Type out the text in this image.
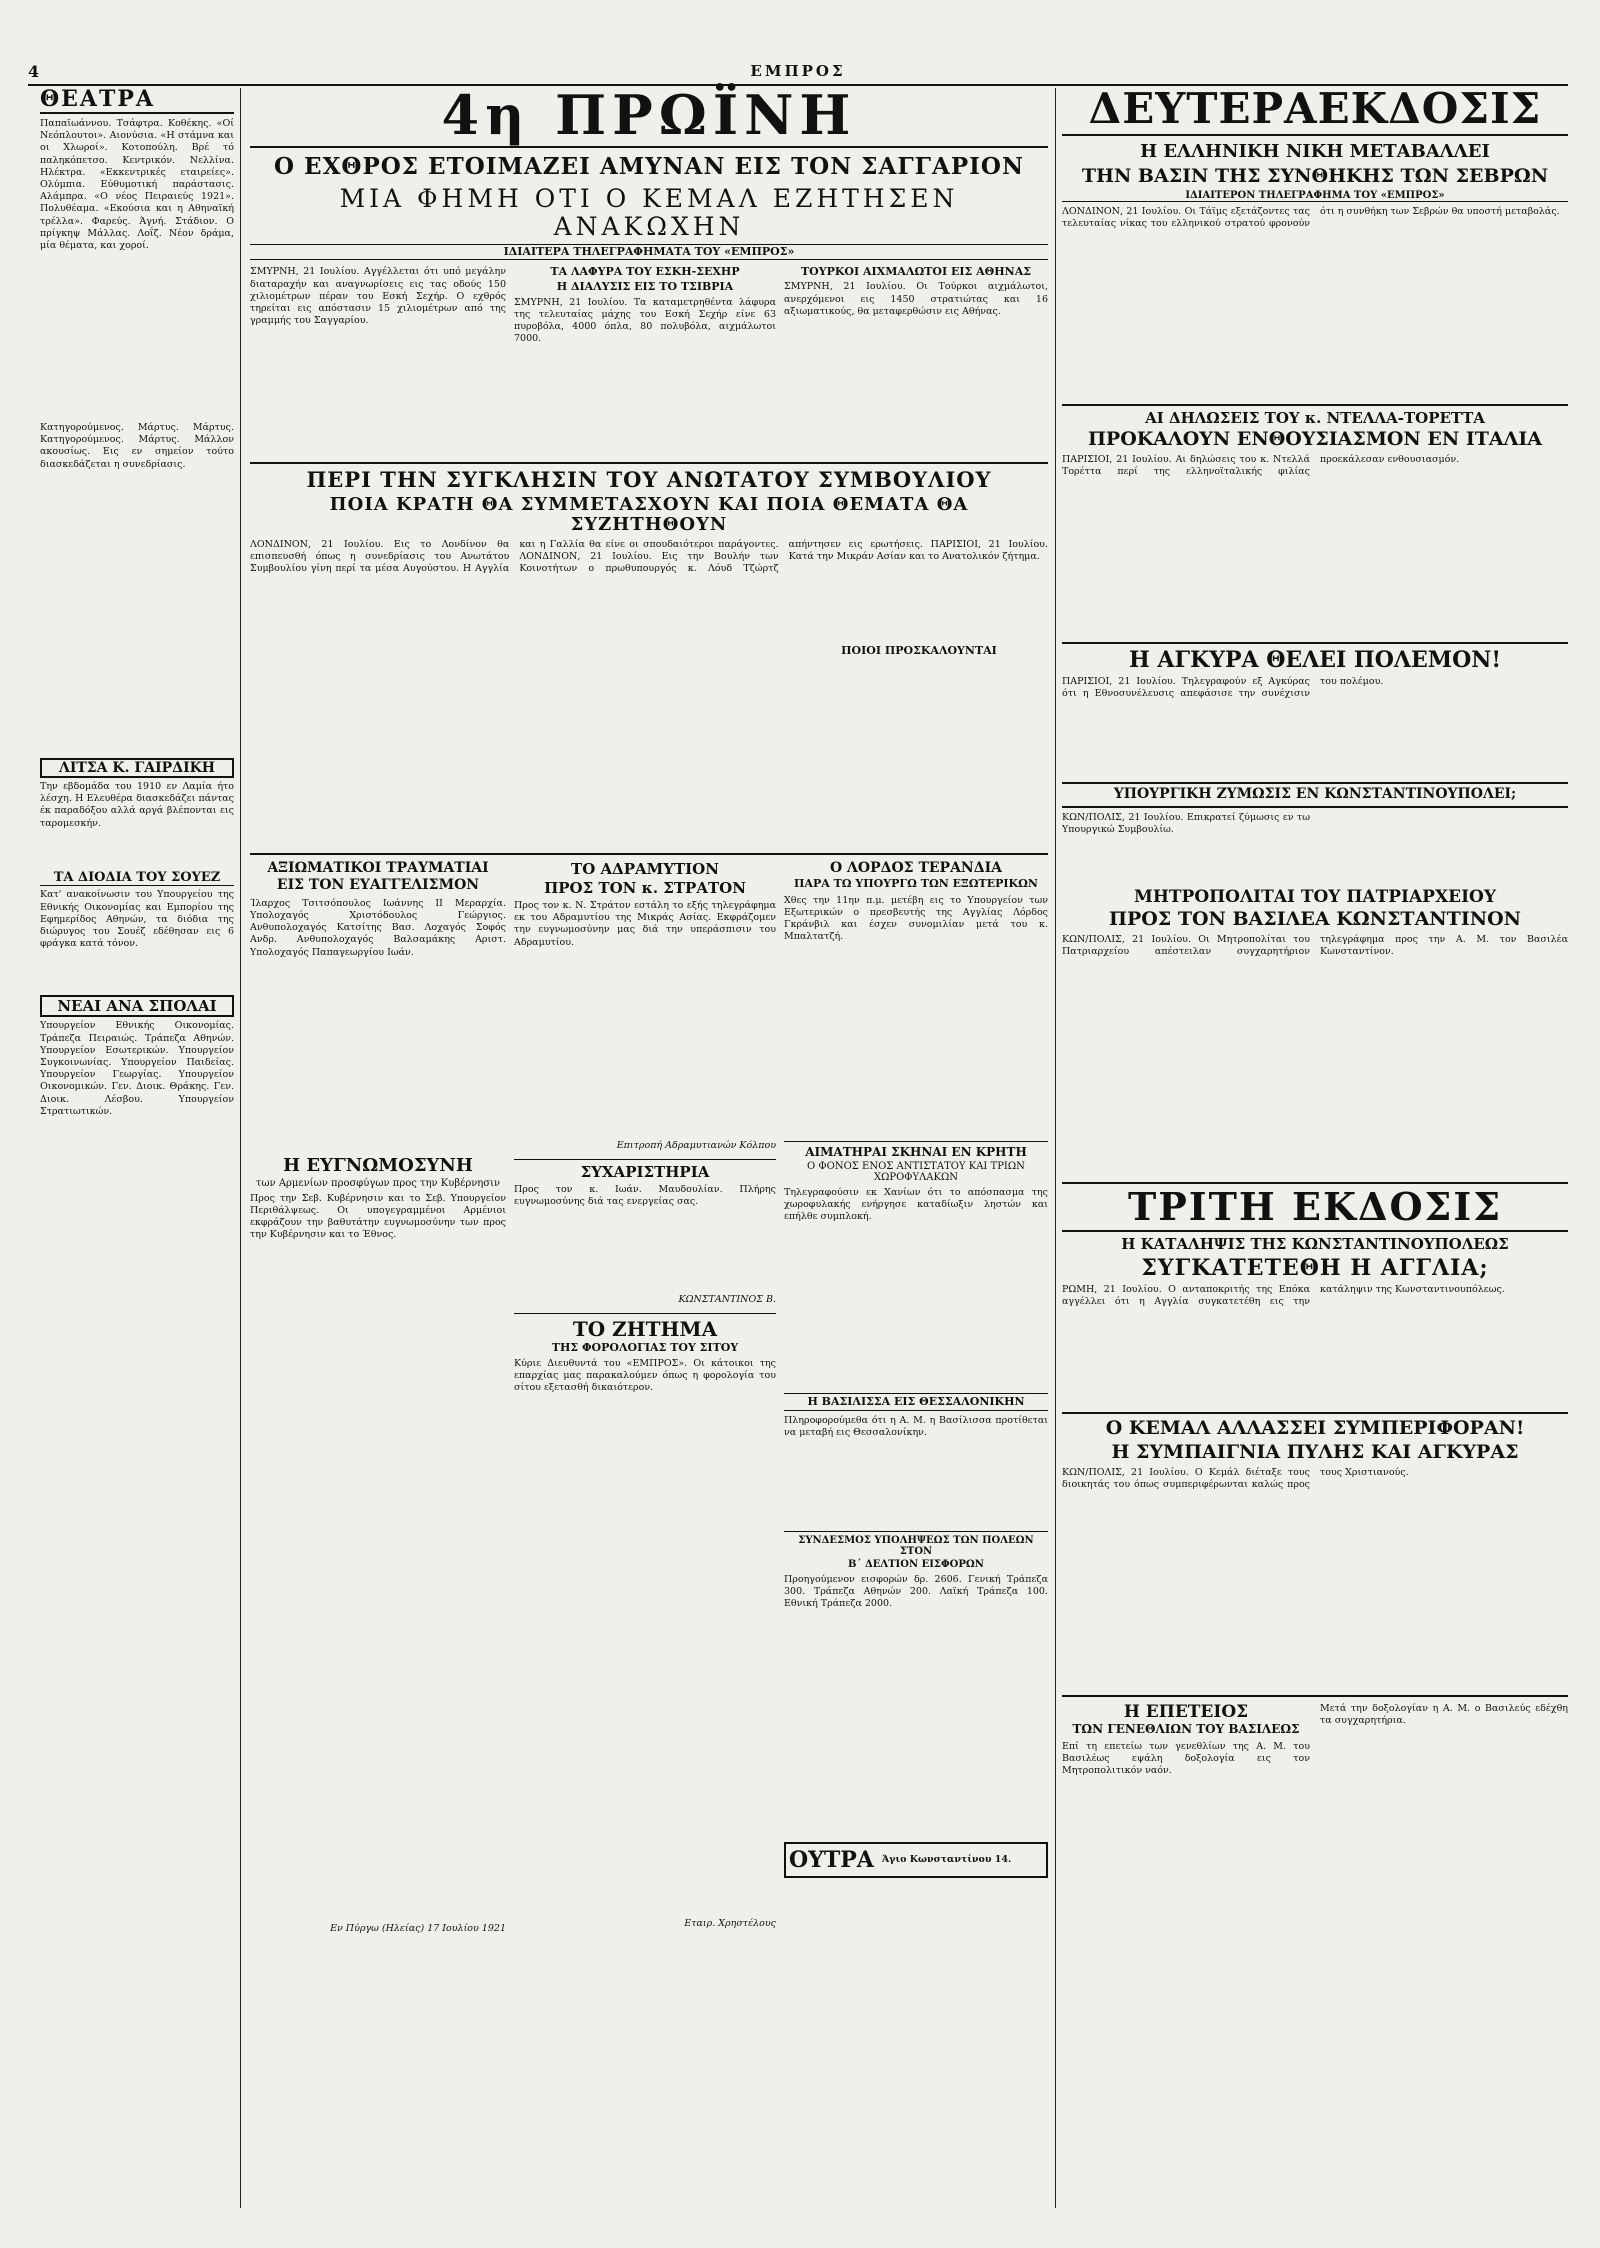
4	ΕΜΠΡΟΣ
ΘΕΑΤΡΑ
Παπαϊωάννου. Τσάφτρα. Κοθέκης. «Οί Νεόπλουτοι». Αιονύσια. «Η στάμνα και οι Χλωροί». Κοτοπούλη. Βρέ τό παληκόπετσο. Κεντρικόν. Νελλίνα. Ηλέκτρα. «Εκκεντρικές εταιρείες». Ολύμπια. Εύθυμοτική παράστασις. Αλάμπρα. «Ο νέος Πειραιεύς 1921». Πολυθέαμα. «Εκούσια και η Αθηναϊκή τρέλλα». Φαρεύς. Άγνή. Στάδιον. Ο πρίγκηψ Μάλλας. Λοΐζ. Νέον δράμα, μία θέματα, και χοροί.
Κατηγορούμενος. Μάρτυς. Μάρτυς. Κατηγορούμενος. Μάρτυς. Μάλλον ακουσίως. Εις εν σημείον τούτο διασκεδάζεται η συνεδρίασις.
ΛΙΤΣΑ Κ. ΓΑΙΡΔΙΚΗ
Την εβδομάδα του 1910 εν Λαμία ήτο λέσχη. Η Ελευθέρα διασκεδάζει πάντας έκ παραδόξου αλλά αργά βλέπονται εις ταρομεσκήν.
ΤΑ ΔΙΟΔΙΑ ΤΟΥ ΣΟΥΕΖ
Κατ' ανακοίνωσιν του Υπουργείου της Εθνικής Οικονομίας και Εμπορίου της Εφημερίδος Αθηνών, τα διόδια της διώρυγος του Σουέζ εδέθησαν εις 6 φράγκα κατά τόνον.
ΝΕΑΙ ΑΝΑ ΣΠΟΛΑΙ
Υπουργείον Εθνικής Οικονομίας. Τράπεζα Πειραιώς. Τράπεζα Αθηνών. Υπουργείον Εσωτερικών. Υπουργείον Συγκοινωνίας. Υπουργείον Παιδείας. Υπουργείον Γεωργίας. Υπουργείον Οικονομικών. Γεν. Διοικ. Θράκης. Γεν. Διοικ. Λέσβου. Υπουργείον Στρατιωτικών.
4η ΠΡΩΪΝΗ
Ο ΕΧΘΡΟΣ ΕΤΟΙΜΑΖΕΙ ΑΜΥΝΑΝ ΕΙΣ ΤΟΝ ΣΑΓΓΑΡΙΟΝ
ΜΙΑ ΦΗΜΗ ΟΤΙ Ο ΚΕΜΑΛ ΕΖΗΤΗΣΕΝ ΑΝΑΚΩΧΗΝ
ΙΔΙΑΙΤΕΡΑ ΤΗΛΕΓΡΑΦΗΜΑΤΑ ΤΟΥ «ΕΜΠΡΟΣ»
ΣΜΥΡΝΗ, 21 Ιουλίου. Αγγέλλεται ότι υπό μεγάλην διαταραχήν και αναγνωρίσεις εις τας οδούς 150 χιλιομέτρων πέραν του Εσκή Σεχήρ. Ο εχθρός τηρείται εις απόστασιν 15 χιλιομέτρων από της γραμμής του Σαγγαρίου.
ΤΑ ΛΑΦΥΡΑ ΤΟΥ ΕΣΚΗ-ΣΕΧΗΡ
Η ΔΙΑΛΥΣΙΣ ΕΙΣ ΤΟ ΤΣΙΒΡΙΑ
ΣΜΥΡΝΗ, 21 Ιουλίου. Τα καταμετρηθέντα λάφυρα της τελευταίας μάχης του Εσκή Σεχήρ είνε 63 πυροβόλα, 4000 όπλα, 80 πολυβόλα, αιχμάλωτοι 7000.
ΤΟΥΡΚΟΙ ΑΙΧΜΑΛΩΤΟΙ ΕΙΣ ΑΘΗΝΑΣ
ΣΜΥΡΝΗ, 21 Ιουλίου. Οι Τούρκοι αιχμάλωτοι, ανερχόμενοι εις 1450 στρατιώτας και 16 αξιωματικούς, θα μεταφερθώσιν εις Αθήνας.
ΠΕΡΙ ΤΗΝ ΣΥΓΚΛΗΣΙΝ ΤΟΥ ΑΝΩΤΑΤΟΥ ΣΥΜΒΟΥΛΙΟΥ
ΠΟΙΑ ΚΡΑΤΗ ΘΑ ΣΥΜΜΕΤΑΣΧΟΥΝ ΚΑΙ ΠΟΙΑ ΘΕΜΑΤΑ ΘΑ ΣΥΖΗΤΗΘΟΥΝ
ΛΟΝΔΙΝΟΝ, 21 Ιουλίου. Εις το Λονδίνον θα επισπευσθή όπως η συνεδρίασις του Ανωτάτου Συμβουλίου γίνη περί τα μέσα Αυγούστου. Η Αγγλία και η Γαλλία θα είνε οι σπουδαιότεροι παράγοντες. ΛΟΝΔΙΝΟΝ, 21 Ιουλίου. Εις την Βουλήν των Κοινοτήτων ο πρωθυπουργός κ. Λόυδ Τζώρτζ απήντησεν εις ερωτήσεις. ΠΑΡΙΣΙΟΙ, 21 Ιουλίου. Κατά την Μικράν Ασίαν και το Ανατολικόν ζήτημα.
ΠΟΙΟΙ ΠΡΟΣΚΑΛΟΥΝΤΑΙ
ΑΞΙΩΜΑΤΙΚΟΙ ΤΡΑΥΜΑΤΙΑΙ
ΕΙΣ ΤΟΝ ΕΥΑΓΓΕΛΙΣΜΟΝ
Ίλαρχος Τσιτσόπουλος Ιωάννης ΙΙ Μεραρχία. Υπολοχαγός Χριστόδουλος Γεώργιος. Ανθυπολοχαγός Κατσίτης Βασ. Λοχαγός Σοφός Ανδρ. Ανθυπολοχαγός Βαλσαμάκης Αριστ. Υπολοχαγός Παπαγεωργίου Ιωάν.
Η ΕΥΓΝΩΜΟΣΥΝΗ
των Αρμενίων προσφύγων προς την Κυβέρνησιν
Προς την Σεβ. Κυβέρνησιν και το Σεβ. Υπουργείον Περιθάλψεως. Οι υπογεγραμμένοι Αρμένιοι εκφράζουν την βαθυτάτην ευγνωμοσύνην των προς την Κυβέρνησιν και το Έθνος.
Εν Πύργω (Ηλείας) 17 Ιουλίου 1921
ΤΟ ΑΔΡΑΜΥΤΙΟΝ
ΠΡΟΣ ΤΟΝ κ. ΣΤΡΑΤΟΝ
Προς τον κ. Ν. Στράτον εστάλη το εξής τηλεγράφημα εκ του Αδραμυτίου της Μικράς Ασίας. Εκφράζομεν την ευγνωμοσύνην μας διά την υπεράσπισιν του Αδραμυτίου.
Επιτροπή Αδραμυτιανών Κόλπου
ΣΥΧΑΡΙΣΤΗΡΙΑ
Προς τον κ. Ιωάν. Μαυδουλίαν. Πλήρης ευγνωμοσύνης διά τας ενεργείας σας.
ΚΩΝΣΤΑΝΤΙΝΟΣ Β.
ΤΟ ΖΗΤΗΜΑ
ΤΗΣ ΦΟΡΟΛΟΓΙΑΣ ΤΟΥ ΣΙΤΟΥ
Κύριε Διευθυντά του «ΕΜΠΡΟΣ». Οι κάτοικοι της επαρχίας μας παρακαλούμεν όπως η φορολογία του σίτου εξετασθή δικαιότερον.
Εταιρ. Χρηστέλους
Ο ΛΟΡΔΟΣ ΤΕΡΑΝΔΙΑ
ΠΑΡΑ ΤΩ ΥΠΟΥΡΓΩ ΤΩΝ ΕΞΩΤΕΡΙΚΩΝ
Χθες την 11ην π.μ. μετέβη εις το Υπουργείον των Εξωτερικών ο πρεσβευτής της Αγγλίας Λόρδος Γκράνβιλ και έσχεν συνομιλίαν μετά του κ. Μπαλτατζή.
ΑΙΜΑΤΗΡΑΙ ΣΚΗΝΑΙ ΕΝ ΚΡΗΤΗ
Ο ΦΟΝΟΣ ΕΝΟΣ ΑΝΤΙΣΤΑΤΟΥ ΚΑΙ ΤΡΙΩΝ ΧΩΡΟΦΥΛΑΚΩΝ
Τηλεγραφούσιν εκ Χανίων ότι το απόσπασμα της χωροφυλακής ενήργησε καταδίωξιν ληστών και επήλθε συμπλοκή.
Η ΒΑΣΙΛΙΣΣΑ ΕΙΣ ΘΕΣΣΑΛΟΝΙΚΗΝ
Πληροφορούμεθα ότι η Α. Μ. η Βασίλισσα προτίθεται να μεταβή εις Θεσσαλονίκην.
ΣΥΝΔΕΣΜΟΣ ΥΠΟΛΗΨΕΩΣ ΤΩΝ ΠΟΛΕΩΝ ΣΤΟΝ
Β΄ ΔΕΛΤΙΟΝ ΕΙΣΦΟΡΩΝ
Προηγούμενον εισφορών δρ. 2606. Γενική Τράπεζα 300. Τράπεζα Αθηνών 200. Λαϊκή Τράπεζα 100. Εθνική Τράπεζα 2000.
ΟΥΤΡΑ Άγιο Κωνσταντίνου 14.
ΔΕΥΤΕΡΑΕΚΔΟΣΙΣ
Η ΕΛΛΗΝΙΚΗ ΝΙΚΗ ΜΕΤΑΒΑΛΛΕΙ
ΤΗΝ ΒΑΣΙΝ ΤΗΣ ΣΥΝΘΗΚΗΣ ΤΩΝ ΣΕΒΡΩΝ
ΙΔΙΑΙΤΕΡΟΝ ΤΗΛΕΓΡΑΦΗΜΑ ΤΟΥ «ΕΜΠΡΟΣ»
ΛΟΝΔΙΝΟΝ, 21 Ιουλίου. Οι Τάϊμς εξετάζοντες τας τελευταίας νίκας του ελληνικού στρατού φρονούν ότι η συνθήκη των Σεβρών θα υποστή μεταβολάς.
ΑΙ ΔΗΛΩΣΕΙΣ ΤΟΥ κ. ΝΤΕΛΛΑ-ΤΟΡΕΤΤΑ
ΠΡΟΚΑΛΟΥΝ ΕΝΘΟΥΣΙΑΣΜΟΝ ΕΝ ΙΤΑΛΙΑ
ΠΑΡΙΣΙΟΙ, 21 Ιουλίου. Αι δηλώσεις του κ. Ντελλά Τορέττα περί της ελληνοϊταλικής φιλίας προεκάλεσαν ενθουσιασμόν.
Η ΑΓΚΥΡΑ ΘΕΛΕΙ ΠΟΛΕΜΟΝ!
ΠΑΡΙΣΙΟΙ, 21 Ιουλίου. Τηλεγραφούν εξ Αγκύρας ότι η Εθνοσυνέλευσις απεφάσισε την συνέχισιν του πολέμου.
ΥΠΟΥΡΓΙΚΗ ΖΥΜΩΣΙΣ ΕΝ ΚΩΝΣΤΑΝΤΙΝΟΥΠΟΛΕΙ;
ΚΩΝ/ΠΟΛΙΣ, 21 Ιουλίου. Επικρατεί ζύμωσις εν τω Υπουργικώ Συμβουλίω.
ΜΗΤΡΟΠΟΛΙΤΑΙ ΤΟΥ ΠΑΤΡΙΑΡΧΕΙΟΥ
ΠΡΟΣ ΤΟΝ ΒΑΣΙΛΕΑ ΚΩΝΣΤΑΝΤΙΝΟΝ
ΚΩΝ/ΠΟΛΙΣ, 21 Ιουλίου. Οι Μητροπολίται του Πατριαρχείου απέστειλαν συγχαρητήριον τηλεγράφημα προς την Α. Μ. τον Βασιλέα Κωνσταντίνον.
ΤΡΙΤΗ ΕΚΔΟΣΙΣ
Η ΚΑΤΑΛΗΨΙΣ ΤΗΣ ΚΩΝΣΤΑΝΤΙΝΟΥΠΟΛΕΩΣ
ΣΥΓΚΑΤΕΤΕΘΗ Η ΑΓΓΛΙΑ;
ΡΩΜΗ, 21 Ιουλίου. Ο ανταποκριτής της Επόκα αγγέλλει ότι η Αγγλία συγκατετέθη εις την κατάληψιν της Κωνσταντινουπόλεως.
Ο ΚΕΜΑΛ ΑΛΛΑΣΣΕΙ ΣΥΜΠΕΡΙΦΟΡΑΝ!
Η ΣΥΜΠΑΙΓΝΙΑ ΠΥΛΗΣ ΚΑΙ ΑΓΚΥΡΑΣ
ΚΩΝ/ΠΟΛΙΣ, 21 Ιουλίου. Ο Κεμάλ διέταξε τους διοικητάς του όπως συμπεριφέρωνται καλώς προς τους Χριστιανούς.
Η ΕΠΕΤΕΙΟΣ
ΤΩΝ ΓΕΝΕΘΛΙΩΝ ΤΟΥ ΒΑΣΙΛΕΩΣ
Επί τη επετείω των γενεθλίων της Α. Μ. του Βασιλέως εψάλη δοξολογία εις τον Μητροπολιτικόν ναόν.
Μετά την δοξολογίαν η Α. Μ. ο Βασιλεύς εδέχθη τα συγχαρητήρια.
